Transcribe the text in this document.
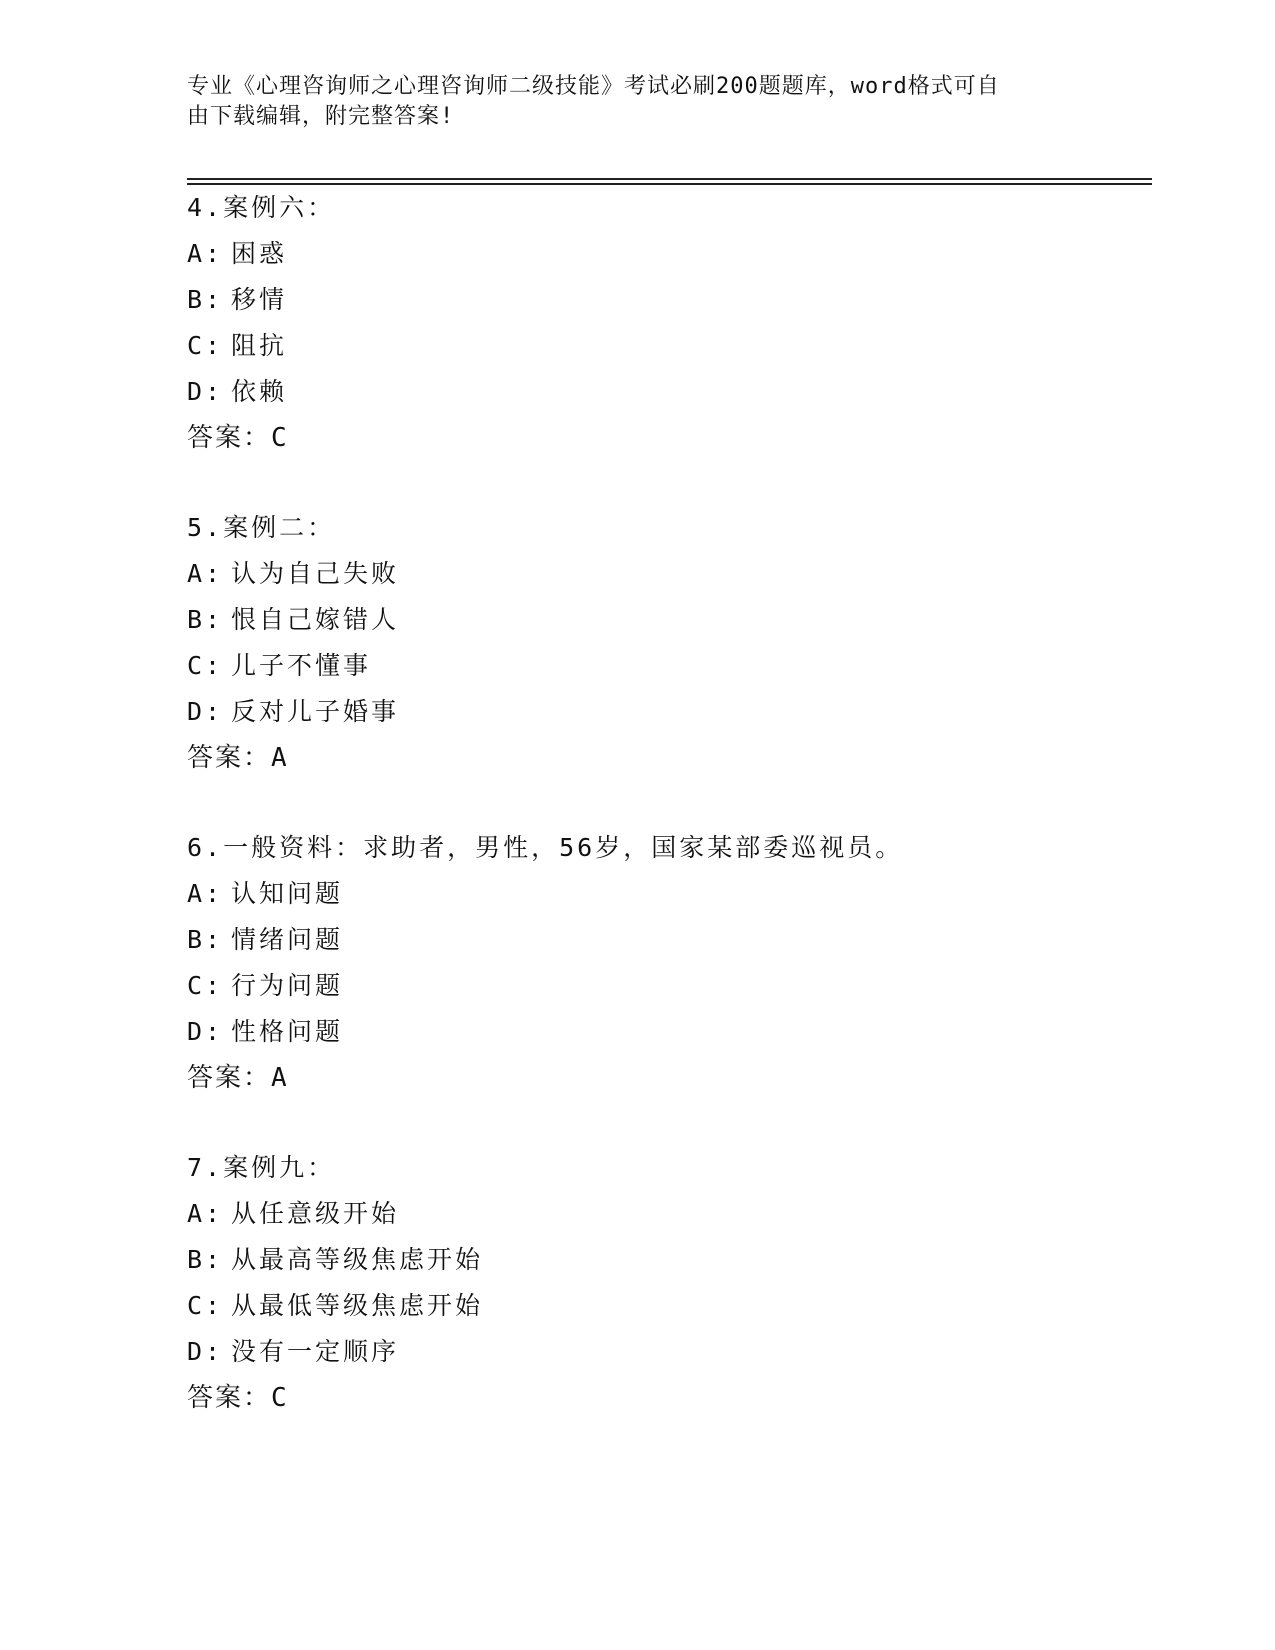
专业《心理咨询师之心理咨询师二级技能》考试必刷200题题库，word格式可自
由下载编辑，附完整答案!
4.案例六：
A: 困惑
B: 移情
C: 阻抗
D: 依赖
答案：C
5.案例二：
A: 认为自己失败
B: 恨自己嫁错人
C: 儿子不懂事
D: 反对儿子婚事
答案：A
6.一般资料：求助者，男性，56岁，国家某部委巡视员。
A: 认知问题
B: 情绪问题
C: 行为问题
D: 性格问题
答案：A
7.案例九：
A: 从任意级开始
B: 从最高等级焦虑开始
C: 从最低等级焦虑开始
D: 没有一定顺序
答案：C
